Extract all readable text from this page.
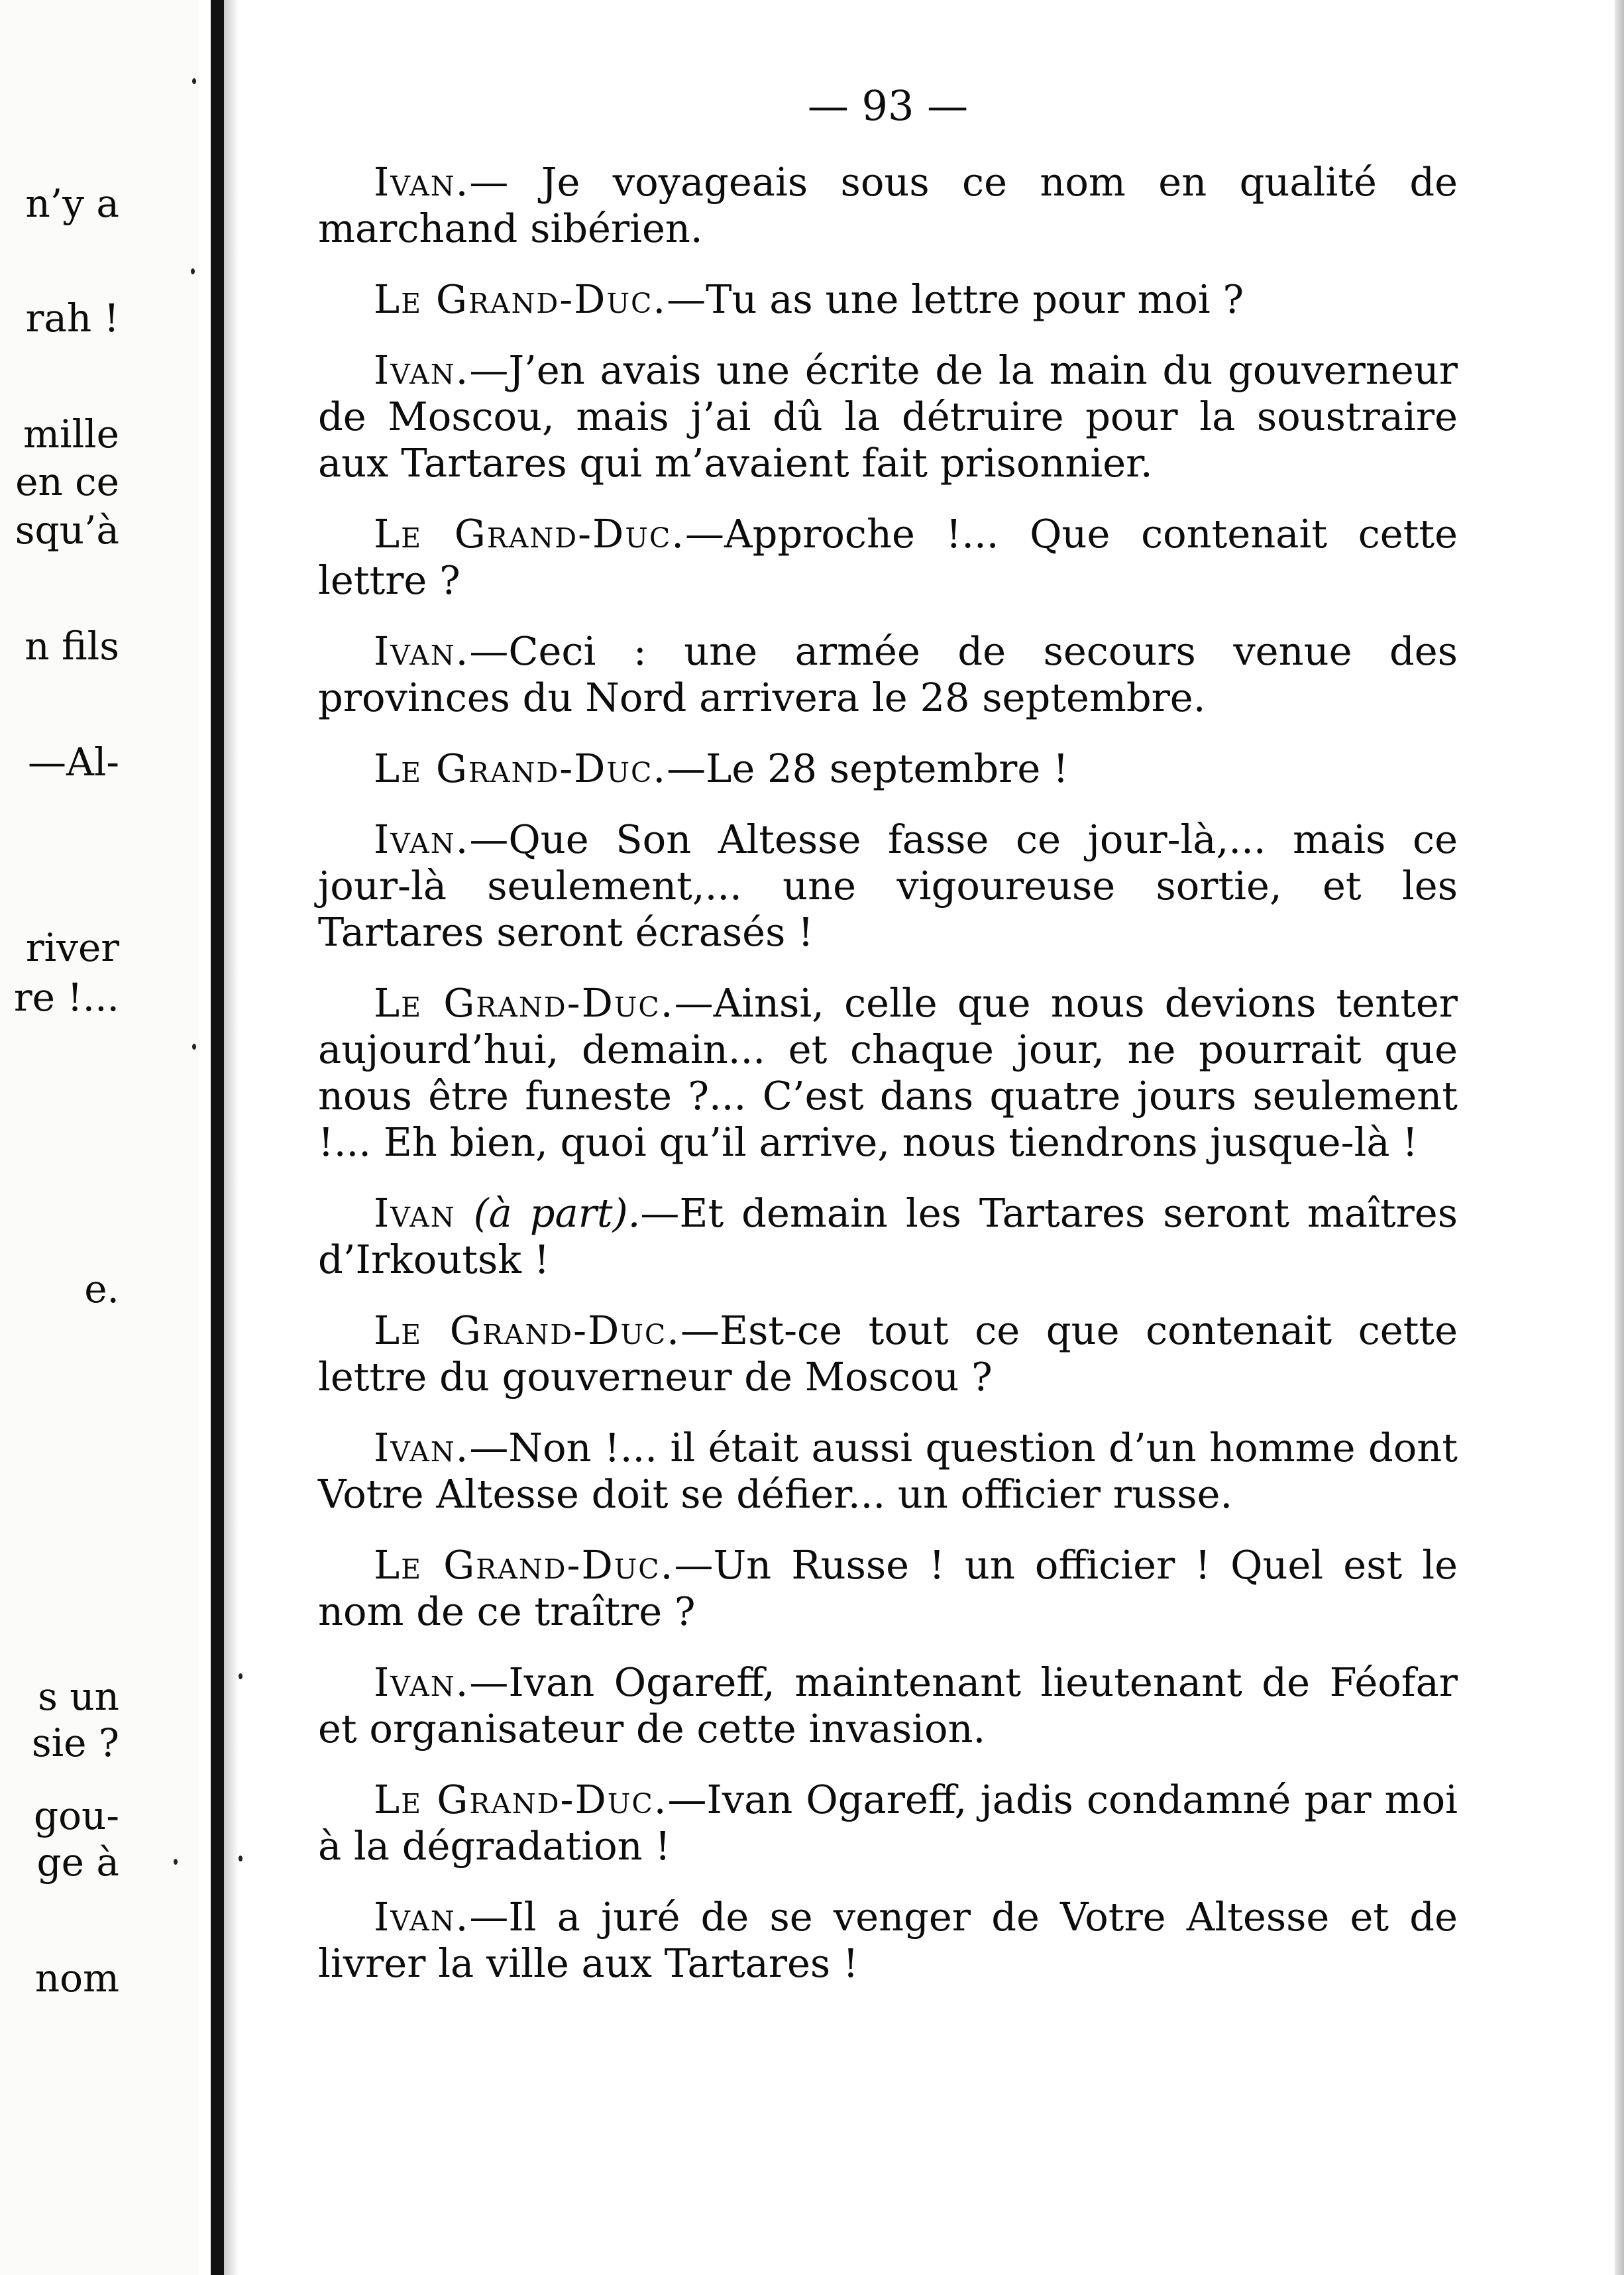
n’y a
rah !
mille
en ce
squ’à
n fils
—Al-
river
re !...
e.
s un
sie ?
gou-
ge à
nom
— 93 —

Ivan.— Je voyageais sous ce nom en qualité de marchand sibérien.

Le Grand-Duc.—Tu as une lettre pour moi ?

Ivan.—J’en avais une écrite de la main du gouverneur de Moscou, mais j’ai dû la détruire pour la soustraire aux Tartares qui m’avaient fait prisonnier.

Le Grand-Duc.—Approche !... Que contenait cette lettre ?

Ivan.—Ceci : une armée de secours venue des provinces du Nord arrivera le 28 septembre.

Le Grand-Duc.—Le 28 septembre !

Ivan.—Que Son Altesse fasse ce jour-là,... mais ce jour-là seulement,... une vigoureuse sortie, et les Tartares seront écrasés !

Le Grand-Duc.—Ainsi, celle que nous devions tenter aujourd’hui, demain... et chaque jour, ne pourrait que nous être funeste ?... C’est dans quatre jours seulement !... Eh bien, quoi qu’il arrive, nous tiendrons jusque-là !

Ivan (à part).—Et demain les Tartares seront maîtres d’Irkoutsk !

Le Grand-Duc.—Est-ce tout ce que contenait cette lettre du gouverneur de Moscou ?

Ivan.—Non !... il était aussi question d’un homme dont Votre Altesse doit se défier... un officier russe.

Le Grand-Duc.—Un Russe ! un officier ! Quel est le nom de ce traître ?

Ivan.—Ivan Ogareff, maintenant lieutenant de Féofar et organisateur de cette invasion.

Le Grand-Duc.—Ivan Ogareff, jadis condamné par moi à la dégradation !

Ivan.—Il a juré de se venger de Votre Altesse et de livrer la ville aux Tartares !
